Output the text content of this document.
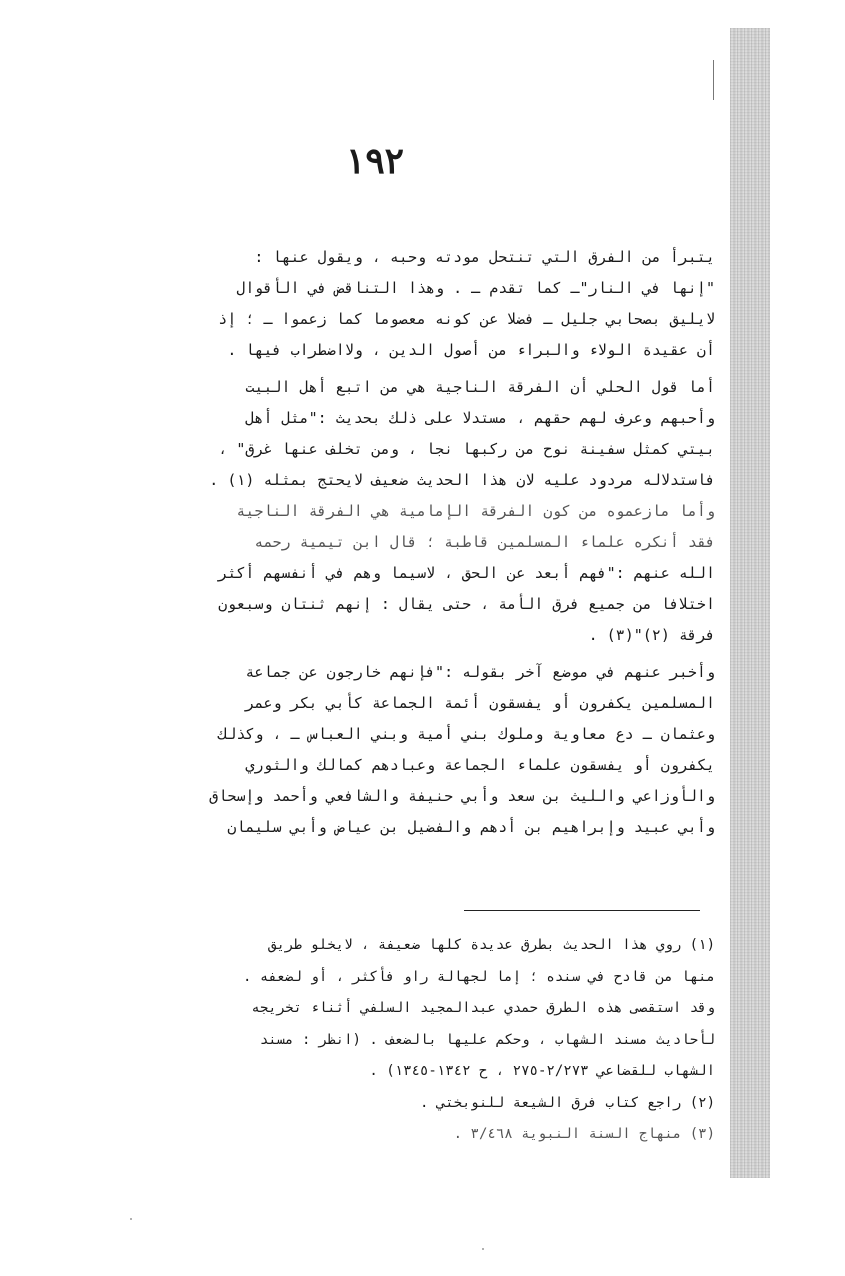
١٩٢
يتبرأ من الفرق التي تنتحل مودته وحبه ، ويقول عنها :
"إنها في النار"ـ كما تقدم ـ . وهذا التناقض في الأقوال
لايليق بصحابي جليل ـ فضلا عن كونه معصوما كما زعموا ـ ؛ إذ
أن عقيدة الولاء والبراء من أصول الدين ، ولااضطراب فيها .
أما قول الحلي أن الفرقة الناجية هي من اتبع أهل البيت
وأحبهم وعرف لهم حقهم ، مستدلا على ذلك بحديث :"مثل أهل
بيتي كمثل سفينة نوح من ركبها نجا ، ومن تخلف عنها غرق" ،
فاستدلاله مردود عليه لان هذا الحديث ضعيف لايحتج بمثله (١) .
وأما مازعموه من كون الفرقة الإمامية هي الفرقة الناجية
فقد أنكره علماء المسلمين قاطبة ؛ قال ابن تيمية رحمه
الله عنهم :"فهم أبعد عن الحق ، لاسيما وهم في أنفسهم أكثر
اختلافا من جميع فرق الأمة ، حتى يقال : إنهم ثنتان وسبعون
فرقة (٢)"(٣) .
وأخبر عنهم في موضع آخر بقوله :"فإنهم خارجون عن جماعة
المسلمين يكفرون أو يفسقون أئمة الجماعة كأبي بكر وعمر
وعثمان ـ دع معاوية وملوك بني أمية وبني العباس ـ ، وكذلك
يكفرون أو يفسقون علماء الجماعة وعبادهم كمالك والثوري
والأوزاعي والليث بن سعد وأبي حنيفة والشافعي وأحمد وإسحاق
وأبي عبيد وإبراهيم بن أدهم والفضيل بن عياض وأبي سليمان
(١) روي هذا الحديث بطرق عديدة كلها ضعيفة ، لايخلو طريق
منها من قادح في سنده ؛ إما لجهالة راو فأكثر ، أو لضعفه .
وقد استقصى هذه الطرق حمدي عبدالمجيد السلفي أثناء تخريجه
لأحاديث مسند الشهاب ، وحكم عليها بالضعف . (انظر : مسند
الشهاب للقضاعي ٢/٢٧٣-٢٧٥ ، ح ١٣٤٢-١٣٤٥) .
(٢) راجع كتاب فرق الشيعة للنوبختي .
(٣) منهاج السنة النبوية ٣/٤٦٨ .
